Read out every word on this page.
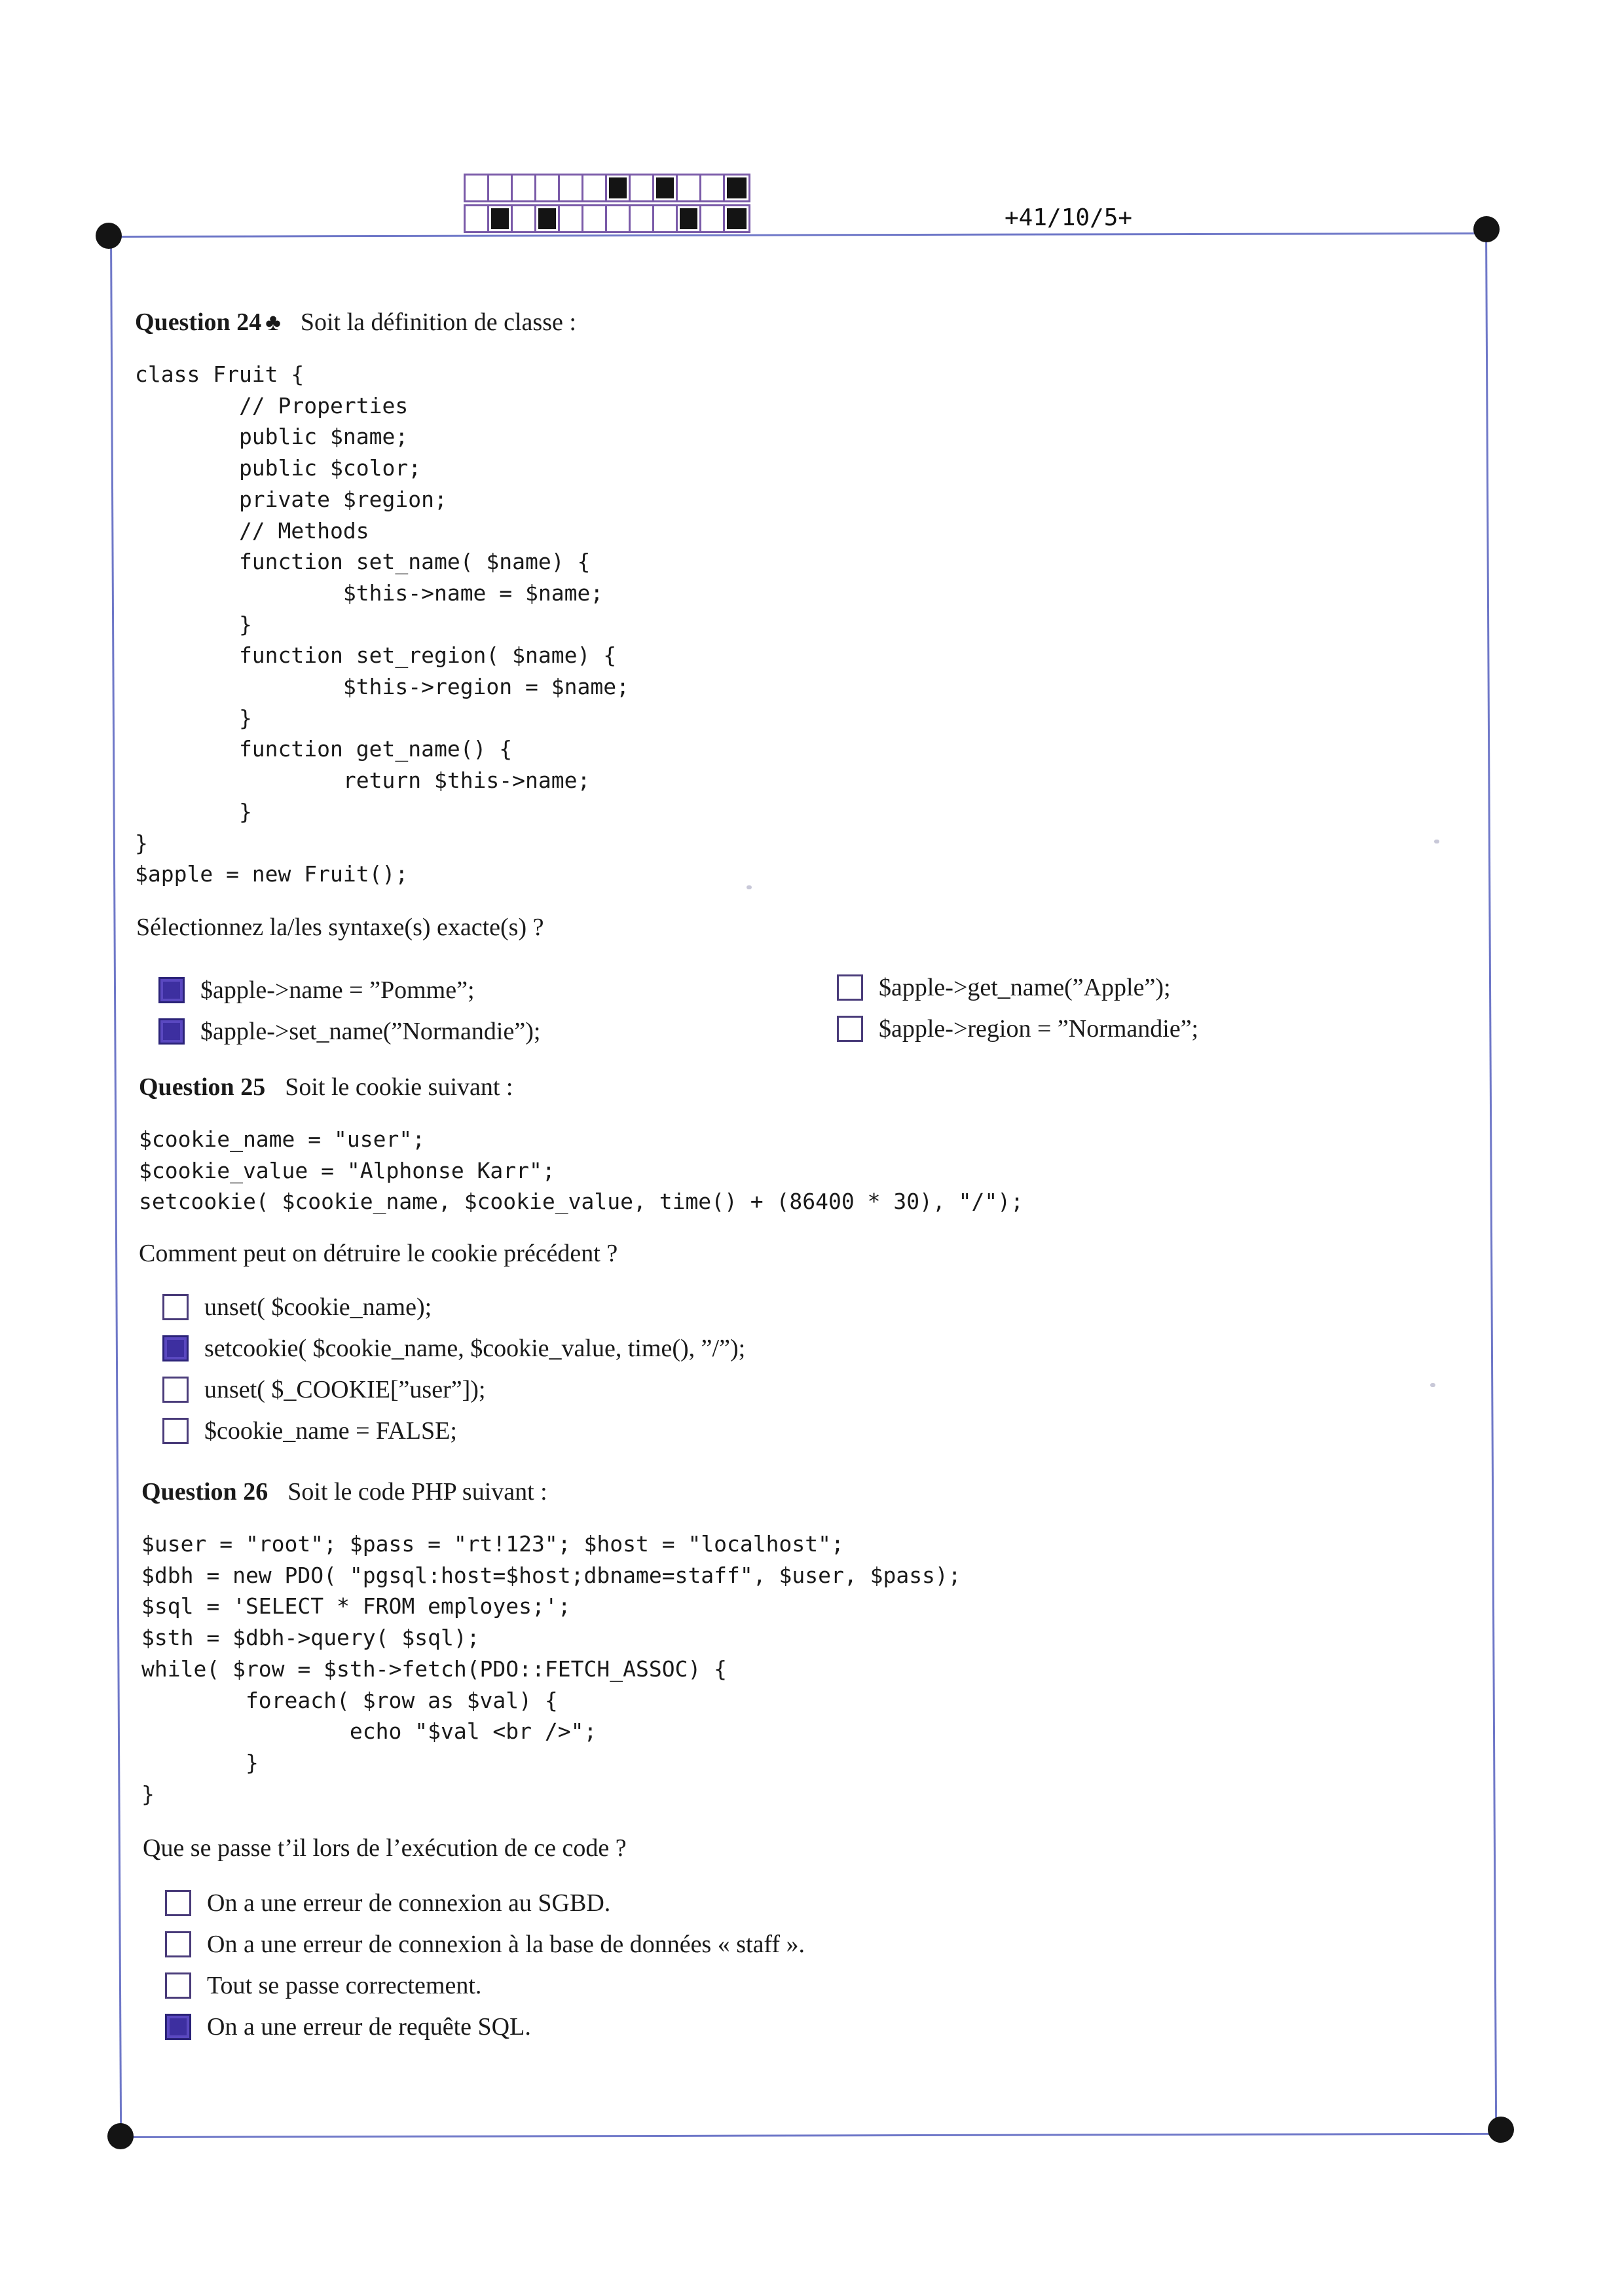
+41/10/5+
Question 24 ♣ Soit la définition de classe :
class Fruit {
// Properties
public $name;
public $color;
private $region;
// Methods
function set_name( $name) {
$this->name = $name;
}
function set_region( $name) {
$this->region = $name;
}
function get_name() {
return $this->name;
}
}
$apple = new Fruit();
Sélectionnez la/les syntaxe(s) exacte(s) ?
$apple->name = ”Pomme”;
$apple->set_name(”Normandie”);
$apple->get_name(”Apple”);
$apple->region = ”Normandie”;
Question 25 Soit le cookie suivant :
$cookie_name = "user";
$cookie_value = "Alphonse Karr";
setcookie( $cookie_name, $cookie_value, time() + (86400 * 30), "/");
Comment peut on détruire le cookie précédent ?
unset( $cookie_name);
setcookie( $cookie_name, $cookie_value, time(), ”/”);
unset( $_COOKIE[”user”]);
$cookie_name = FALSE;
Question 26 Soit le code PHP suivant :
$user = "root"; $pass = "rt!123"; $host = "localhost";
$dbh = new PDO( "pgsql:host=$host;dbname=staff", $user, $pass);
$sql = 'SELECT * FROM employes;';
$sth = $dbh->query( $sql);
while( $row = $sth->fetch(PDO::FETCH_ASSOC) {
foreach( $row as $val) {
echo "$val <br />";
}
}
Que se passe t’il lors de l’exécution de ce code ?
On a une erreur de connexion au SGBD.
On a une erreur de connexion à la base de données « staff ».
Tout se passe correctement.
On a une erreur de requête SQL.
